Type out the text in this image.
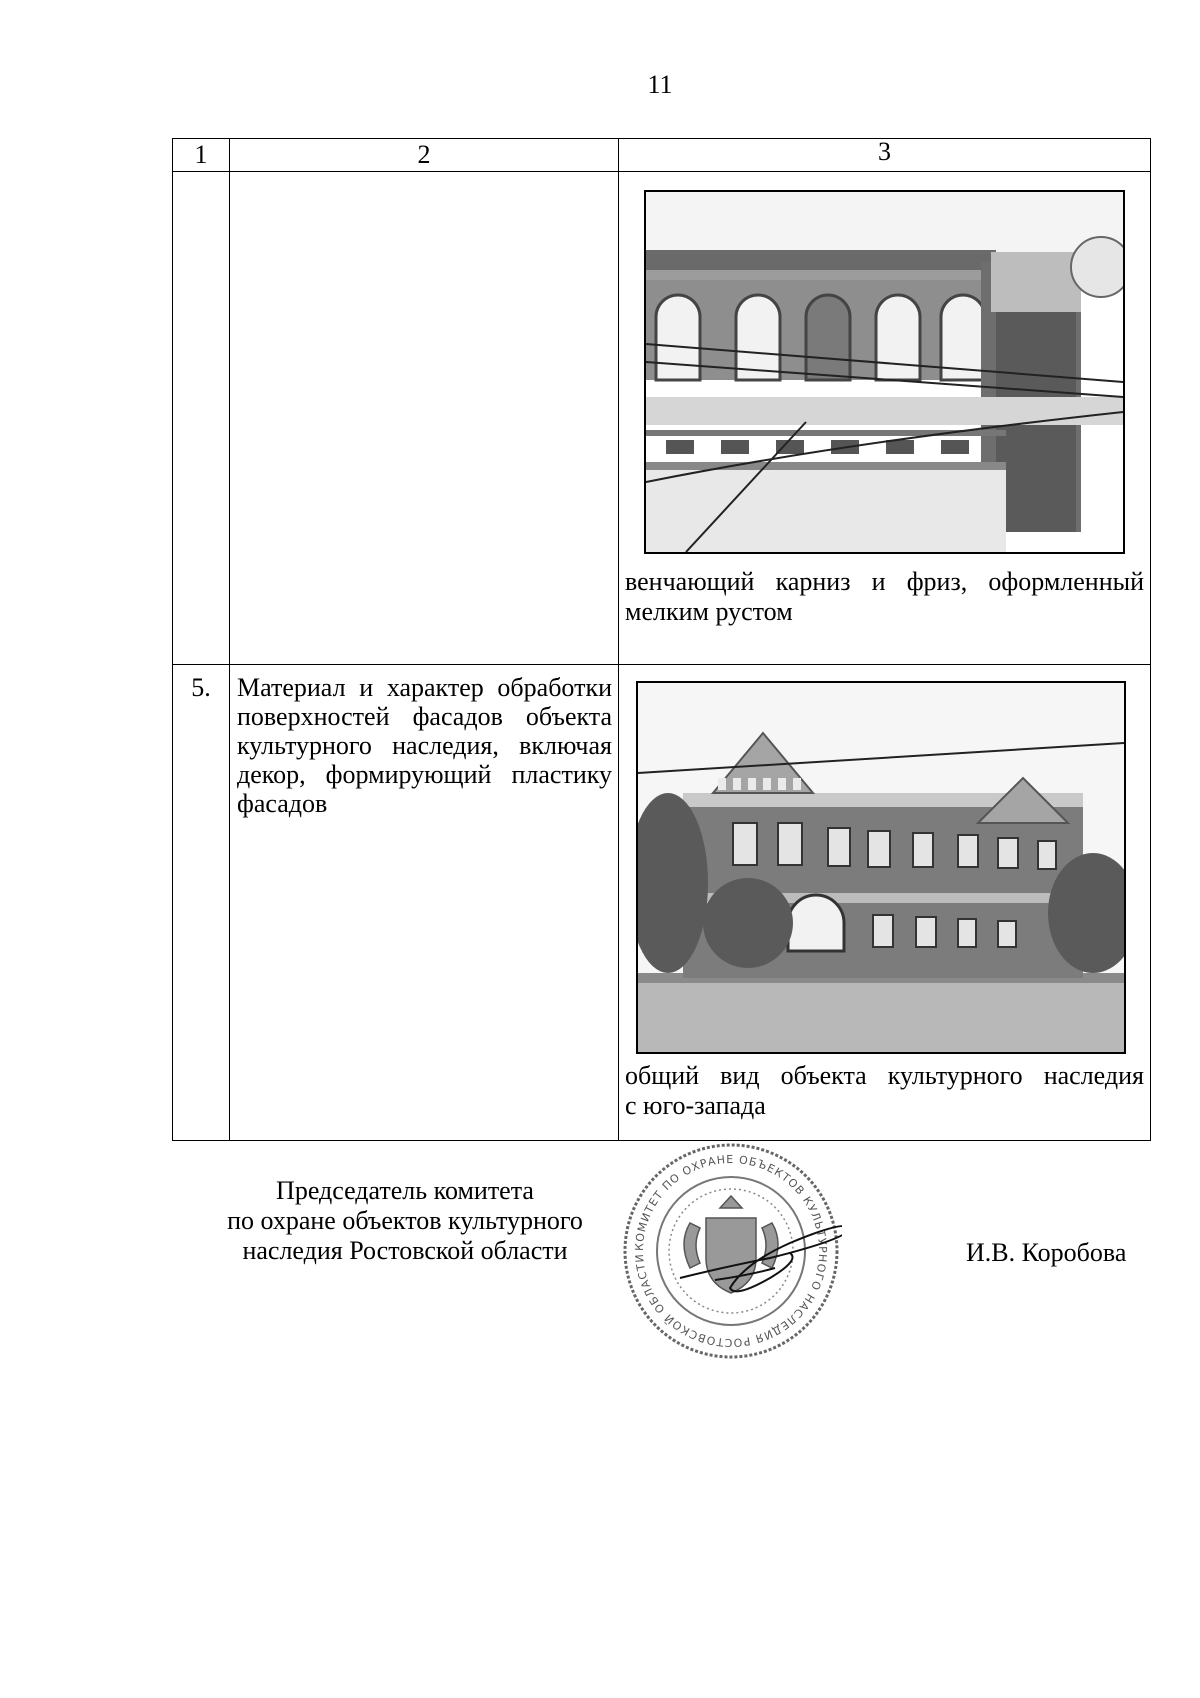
11
1	2	3

		венчающий карниз и фриз, оформленный
мелким рустом

5.	Материал и характер обработки поверхностей фасадов объекта культурного наследия, включая декор, формирующий пластику фасадов	общий вид объекта культурного наследия
с юго-запада
Председатель комитета
по охране объектов культурного
наследия Ростовской области	КОМИТЕТ ПО ОХРАНЕ ОБЪЕКТОВ КУЛЬТУРНОГО НАСЛЕДИЯ РОСТОВСКОЙ ОБЛАСТИ	И.В. Коробова
